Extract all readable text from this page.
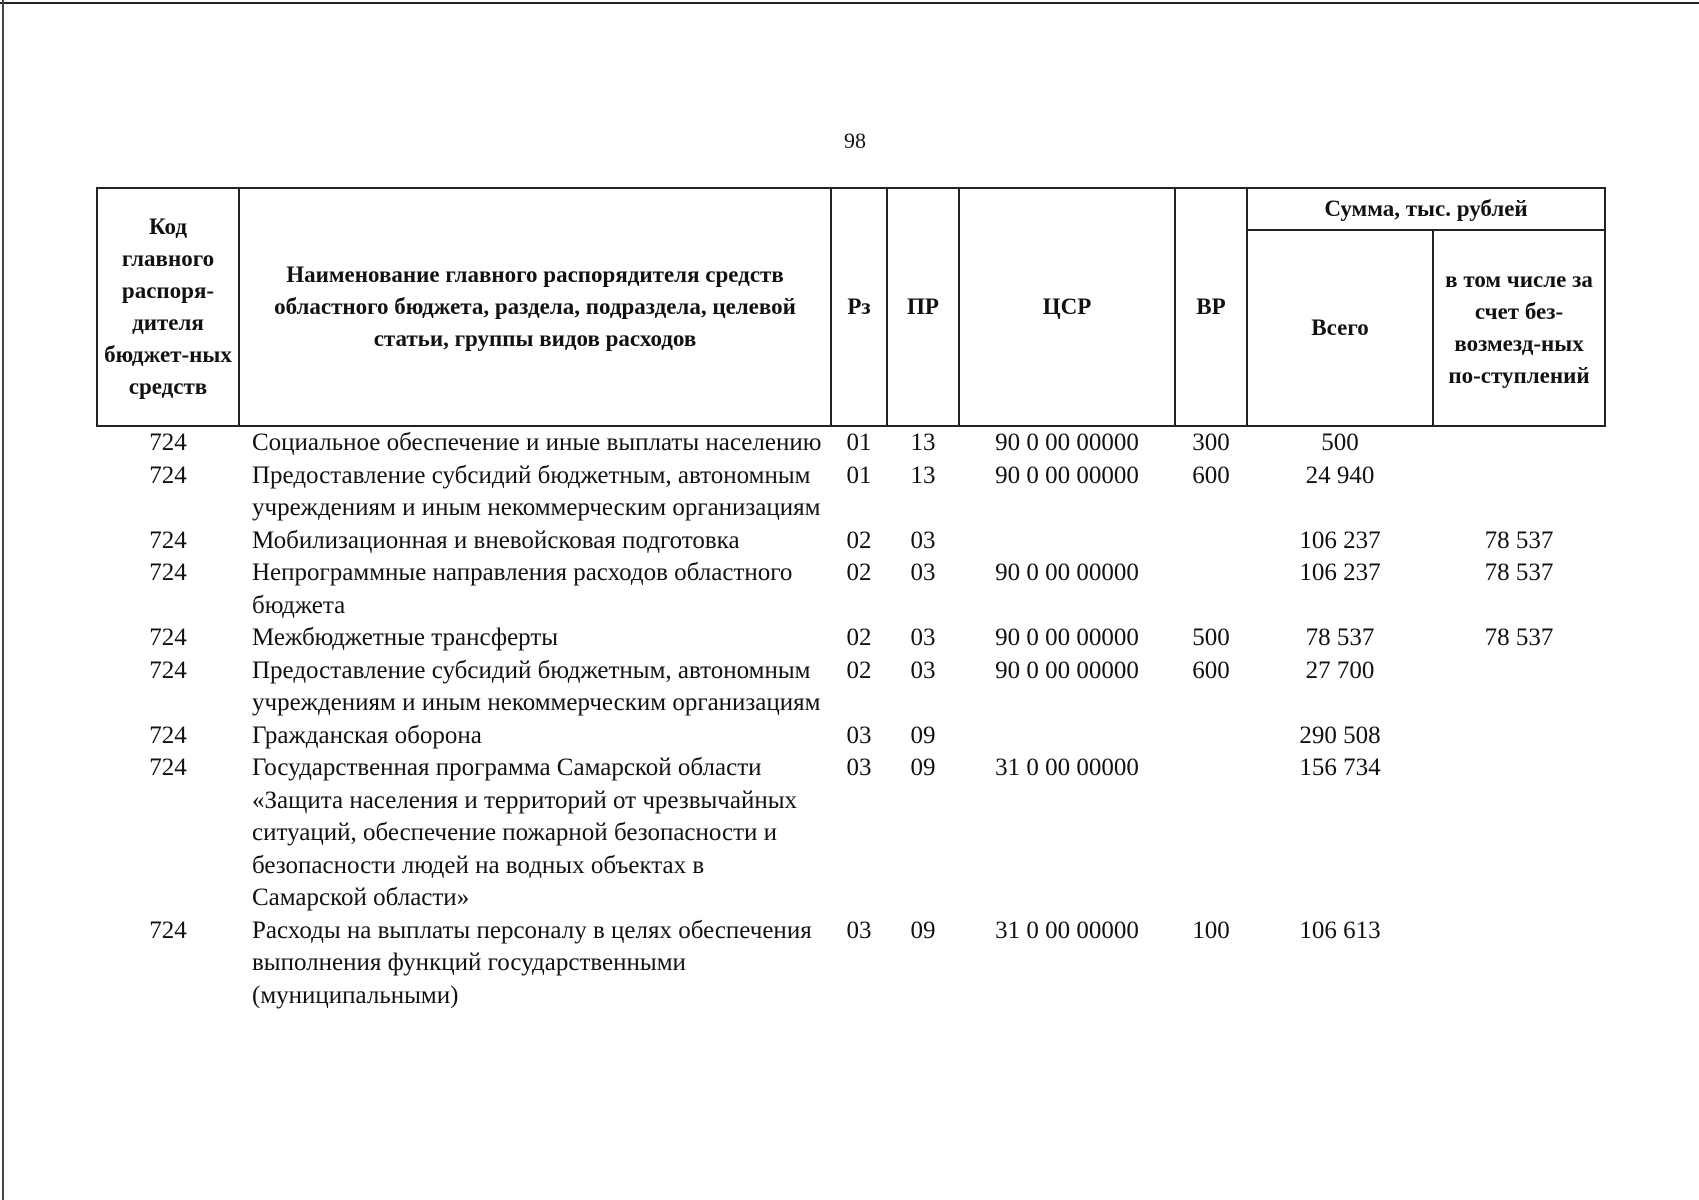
98
Код главного распоря-дителя бюджет-ных средств	Наименование главного распорядителя средств областного бюджета, раздела, подраздела, целевой статьи, группы видов расходов	Рз	ПР	ЦСР	ВР	Сумма, тыс. рублей	
						Всего	в том числе за счет без-возмезд-ных по-ступлений
724	Социальное обеспечение и иные выплаты населению	01	13	90 0 00 00000	300	500	
724	Предоставление субсидий бюджетным, автономным учреждениям и иным некоммерческим организациям	01	13	90 0 00 00000	600	24 940	
724	Мобилизационная и вневойсковая подготовка	02	03			106 237	78 537
724	Непрограммные направления расходов областного бюджета	02	03	90 0 00 00000		106 237	78 537
724	Межбюджетные трансферты	02	03	90 0 00 00000	500	78 537	78 537
724	Предоставление субсидий бюджетным, автономным учреждениям и иным некоммерческим организациям	02	03	90 0 00 00000	600	27 700	
724	Гражданская оборона	03	09			290 508	
724	Государственная программа Самарской области «Защита населения и территорий от чрезвычайных ситуаций, обеспечение пожарной безопасности и безопасности людей на водных объектах в Самарской области»	03	09	31 0 00 00000		156 734	
724	Расходы на выплаты персоналу в целях обеспечения выполнения функций государственными (муниципальными)	03	09	31 0 00 00000	100	106 613	
